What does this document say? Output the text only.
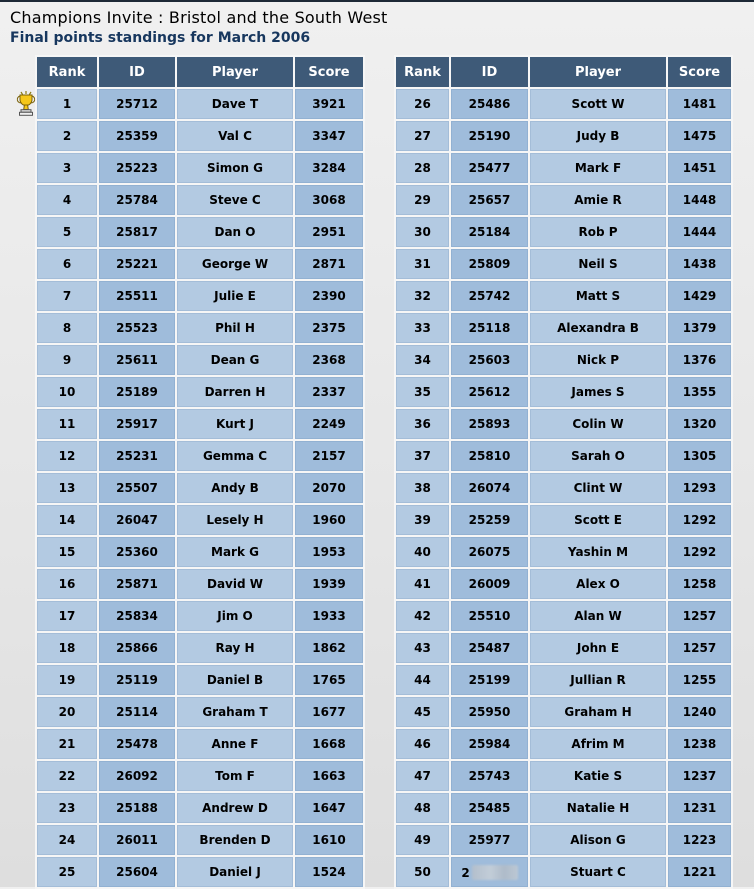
Champions Invite : Bristol and the South West
Final points standings for March 2006
Rank	ID	Player	Score
1	25712	Dave T	3921
2	25359	Val C	3347
3	25223	Simon G	3284
4	25784	Steve C	3068
5	25817	Dan O	2951
6	25221	George W	2871
7	25511	Julie E	2390
8	25523	Phil H	2375
9	25611	Dean G	2368
10	25189	Darren H	2337
11	25917	Kurt J	2249
12	25231	Gemma C	2157
13	25507	Andy B	2070
14	26047	Lesely H	1960
15	25360	Mark G	1953
16	25871	David W	1939
17	25834	Jim O	1933
18	25866	Ray H	1862
19	25119	Daniel B	1765
20	25114	Graham T	1677
21	25478	Anne F	1668
22	26092	Tom F	1663
23	25188	Andrew D	1647
24	26011	Brenden D	1610
25	25604	Daniel J	1524
Rank	ID	Player	Score
26	25486	Scott W	1481
27	25190	Judy B	1475
28	25477	Mark F	1451
29	25657	Amie R	1448
30	25184	Rob P	1444
31	25809	Neil S	1438
32	25742	Matt S	1429
33	25118	Alexandra B	1379
34	25603	Nick P	1376
35	25612	James S	1355
36	25893	Colin W	1320
37	25810	Sarah O	1305
38	26074	Clint W	1293
39	25259	Scott E	1292
40	26075	Yashin M	1292
41	26009	Alex O	1258
42	25510	Alan W	1257
43	25487	John E	1257
44	25199	Jullian R	1255
45	25950	Graham H	1240
46	25984	Afrim M	1238
47	25743	Katie S	1237
48	25485	Natalie H	1231
49	25977	Alison G	1223
50	2	Stuart C	1221
